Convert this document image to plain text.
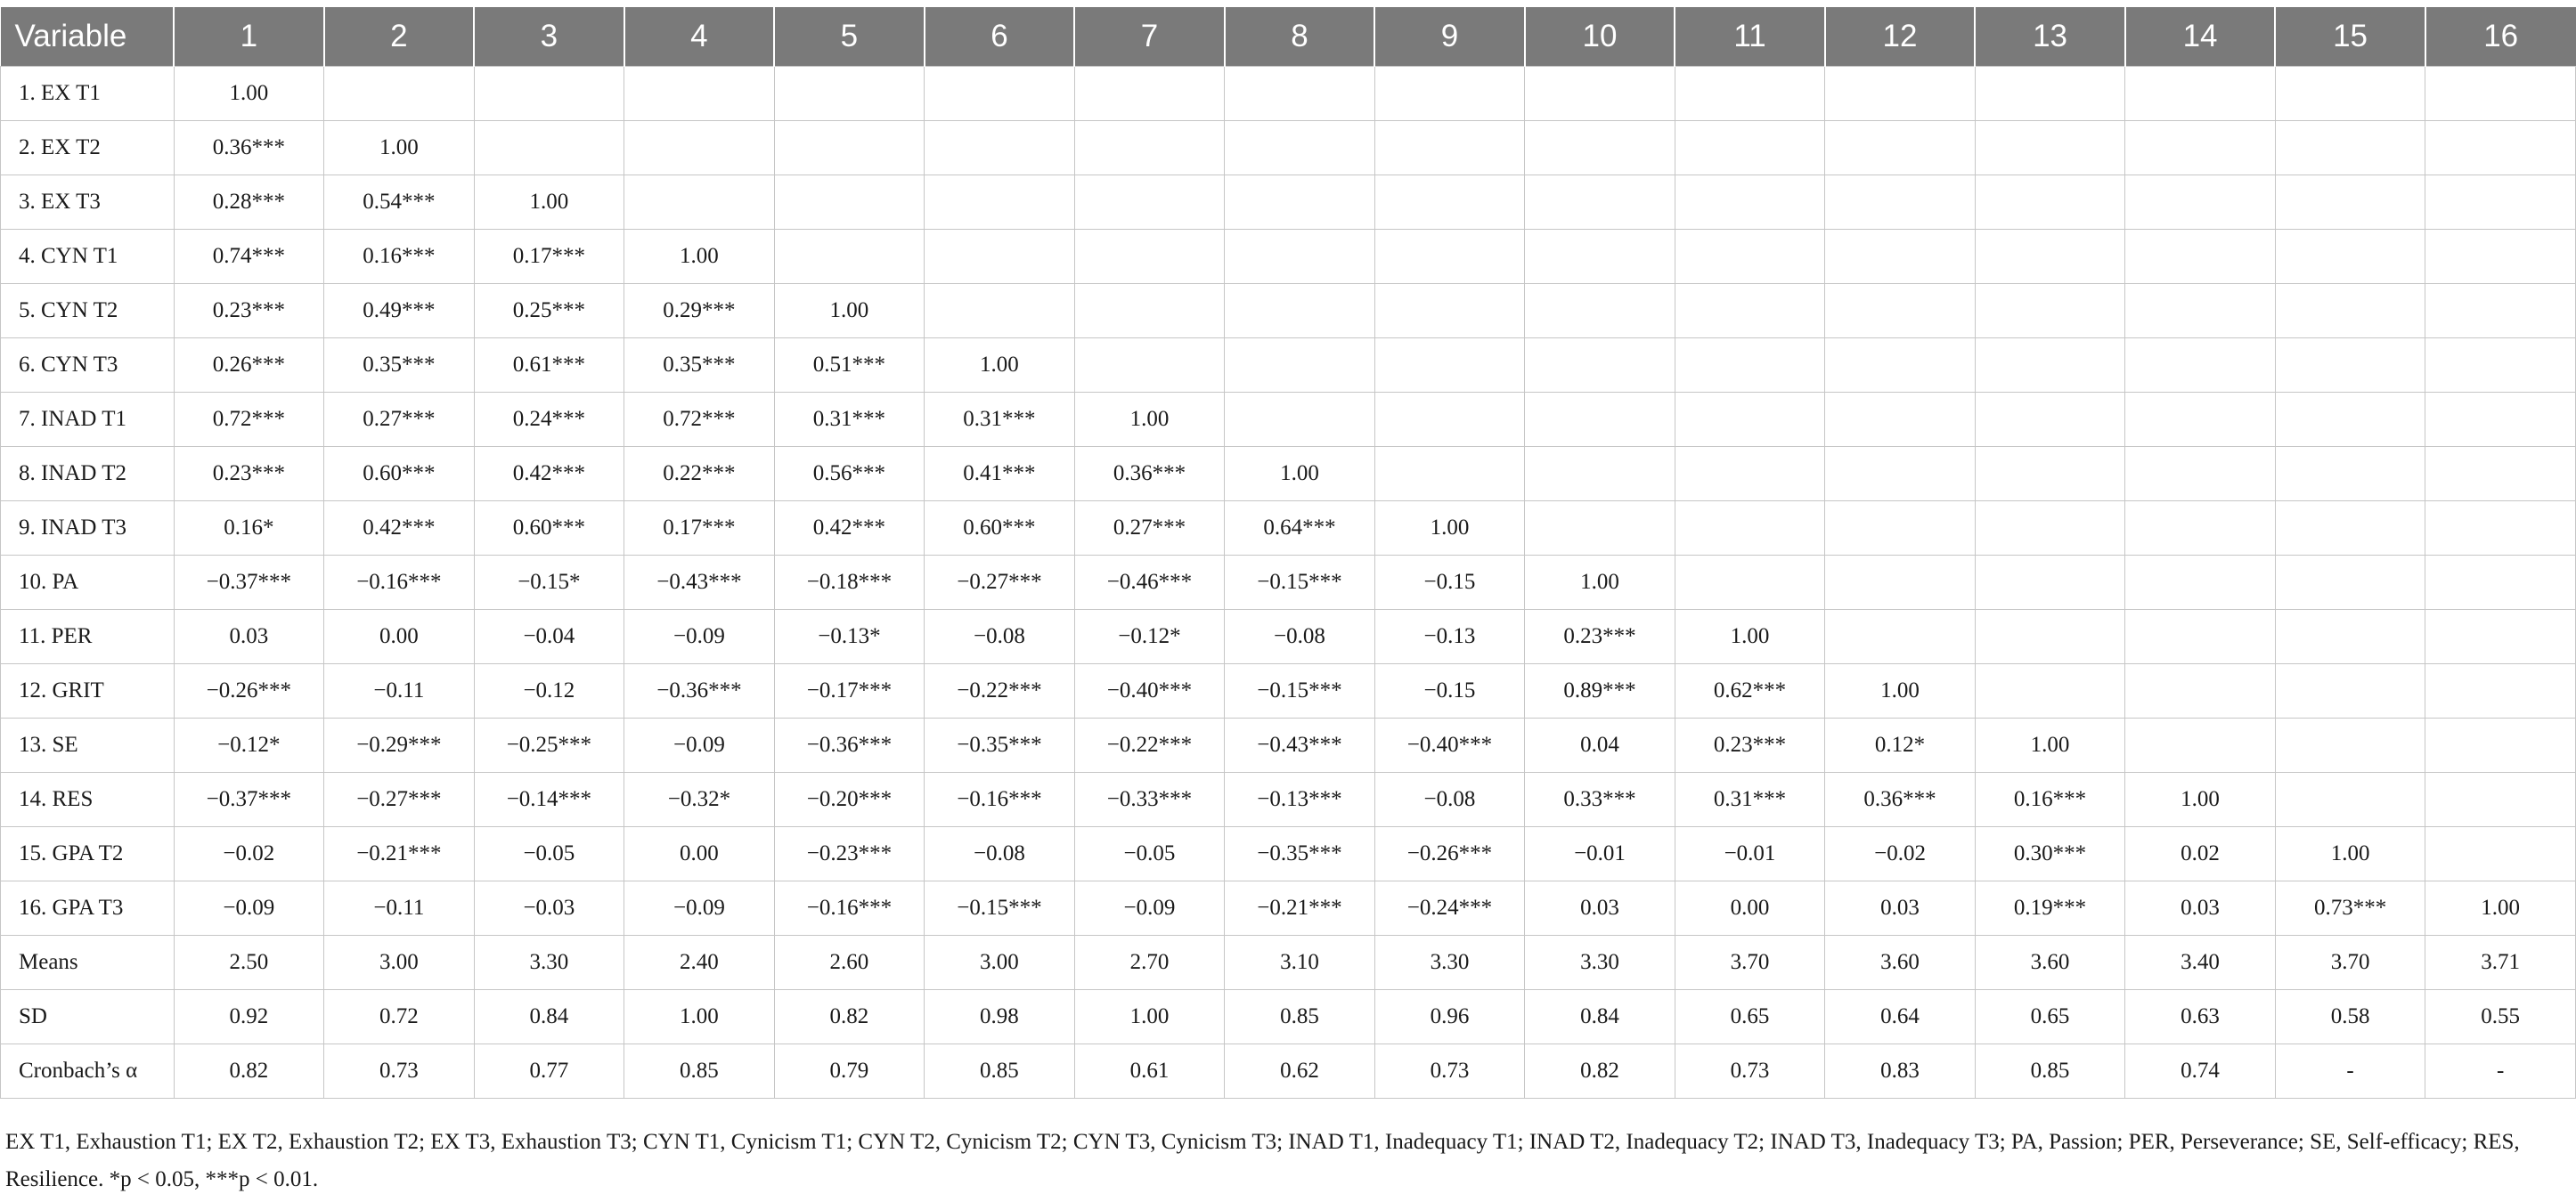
Variable	1	2	3	4	5	6	7	8	9	10	11	12	13	14	15	16
1. EX T1	1.00															
2. EX T2	0.36***	1.00														
3. EX T3	0.28***	0.54***	1.00													
4. CYN T1	0.74***	0.16***	0.17***	1.00												
5. CYN T2	0.23***	0.49***	0.25***	0.29***	1.00											
6. CYN T3	0.26***	0.35***	0.61***	0.35***	0.51***	1.00										
7. INAD T1	0.72***	0.27***	0.24***	0.72***	0.31***	0.31***	1.00									
8. INAD T2	0.23***	0.60***	0.42***	0.22***	0.56***	0.41***	0.36***	1.00								
9. INAD T3	0.16*	0.42***	0.60***	0.17***	0.42***	0.60***	0.27***	0.64***	1.00							
10. PA	−0.37***	−0.16***	−0.15*	−0.43***	−0.18***	−0.27***	−0.46***	−0.15***	−0.15	1.00						
11. PER	0.03	0.00	−0.04	−0.09	−0.13*	−0.08	−0.12*	−0.08	−0.13	0.23***	1.00					
12. GRIT	−0.26***	−0.11	−0.12	−0.36***	−0.17***	−0.22***	−0.40***	−0.15***	−0.15	0.89***	0.62***	1.00				
13. SE	−0.12*	−0.29***	−0.25***	−0.09	−0.36***	−0.35***	−0.22***	−0.43***	−0.40***	0.04	0.23***	0.12*	1.00			
14. RES	−0.37***	−0.27***	−0.14***	−0.32*	−0.20***	−0.16***	−0.33***	−0.13***	−0.08	0.33***	0.31***	0.36***	0.16***	1.00		
15. GPA T2	−0.02	−0.21***	−0.05	0.00	−0.23***	−0.08	−0.05	−0.35***	−0.26***	−0.01	−0.01	−0.02	0.30***	0.02	1.00	
16. GPA T3	−0.09	−0.11	−0.03	−0.09	−0.16***	−0.15***	−0.09	−0.21***	−0.24***	0.03	0.00	0.03	0.19***	0.03	0.73***	1.00
Means	2.50	3.00	3.30	2.40	2.60	3.00	2.70	3.10	3.30	3.30	3.70	3.60	3.60	3.40	3.70	3.71
SD	0.92	0.72	0.84	1.00	0.82	0.98	1.00	0.85	0.96	0.84	0.65	0.64	0.65	0.63	0.58	0.55
Cronbach’s α	0.82	0.73	0.77	0.85	0.79	0.85	0.61	0.62	0.73	0.82	0.73	0.83	0.85	0.74	-	-
EX T1, Exhaustion T1; EX T2, Exhaustion T2; EX T3, Exhaustion T3; CYN T1, Cynicism T1; CYN T2, Cynicism T2; CYN T3, Cynicism T3; INAD T1, Inadequacy T1; INAD T2, Inadequacy T2; INAD T3, Inadequacy T3; PA, Passion; PER, Perseverance; SE, Self-efficacy; RES, Resilience. *p < 0.05, ***p < 0.01.
